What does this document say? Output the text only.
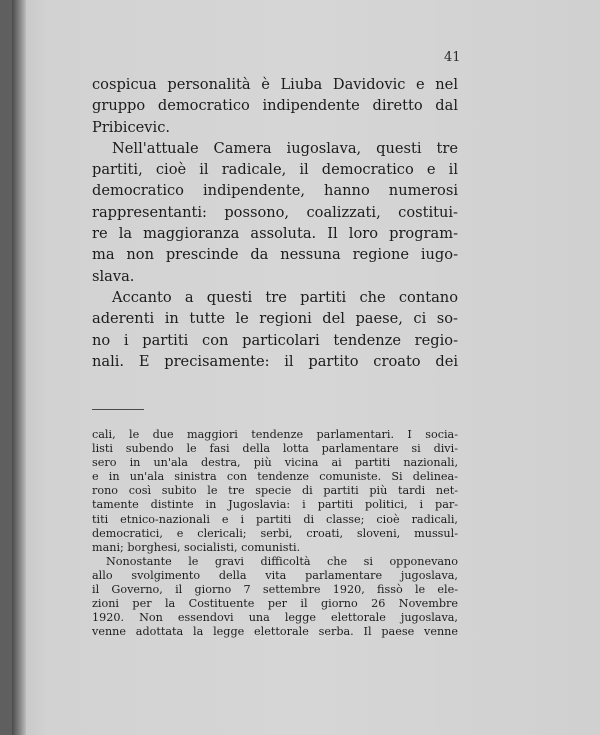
41
cospicua personalità è Liuba Davidovic e nel
gruppo democratico indipendente diretto dal
Pribicevic.
Nell'attuale Camera iugoslava, questi tre
partiti, cioè il radicale, il democratico e il
democratico indipendente, hanno numerosi
rappresentanti: possono, coalizzati, costitui-
re la maggioranza assoluta. Il loro program-
ma non prescinde da nessuna regione iugo-
slava.
Accanto a questi tre partiti che contano
aderenti in tutte le regioni del paese, ci so-
no i partiti con particolari tendenze regio-
nali. E precisamente: il partito croato dei
cali, le due maggiori tendenze parlamentari. I socia-
listi subendo le fasi della lotta parlamentare si divi-
sero in un'ala destra, più vicina ai partiti nazionali,
e in un'ala sinistra con tendenze comuniste. Si delinea-
rono così subito le tre specie di partiti più tardi net-
tamente distinte in Jugoslavia: i partiti politici, i par-
titi etnico-nazionali e i partiti di classe; cioè radicali,
democratici, e clericali; serbi, croati, sloveni, mussul-
mani; borghesi, socialisti, comunisti.
Nonostante le gravi difficoltà che si opponevano
allo svolgimento della vita parlamentare jugoslava,
il Governo, il giorno 7 settembre 1920, fissò le ele-
zioni per la Costituente per il giorno 26 Novembre
1920. Non essendovi una legge elettorale jugoslava,
venne adottata la legge elettorale serba. Il paese venne
